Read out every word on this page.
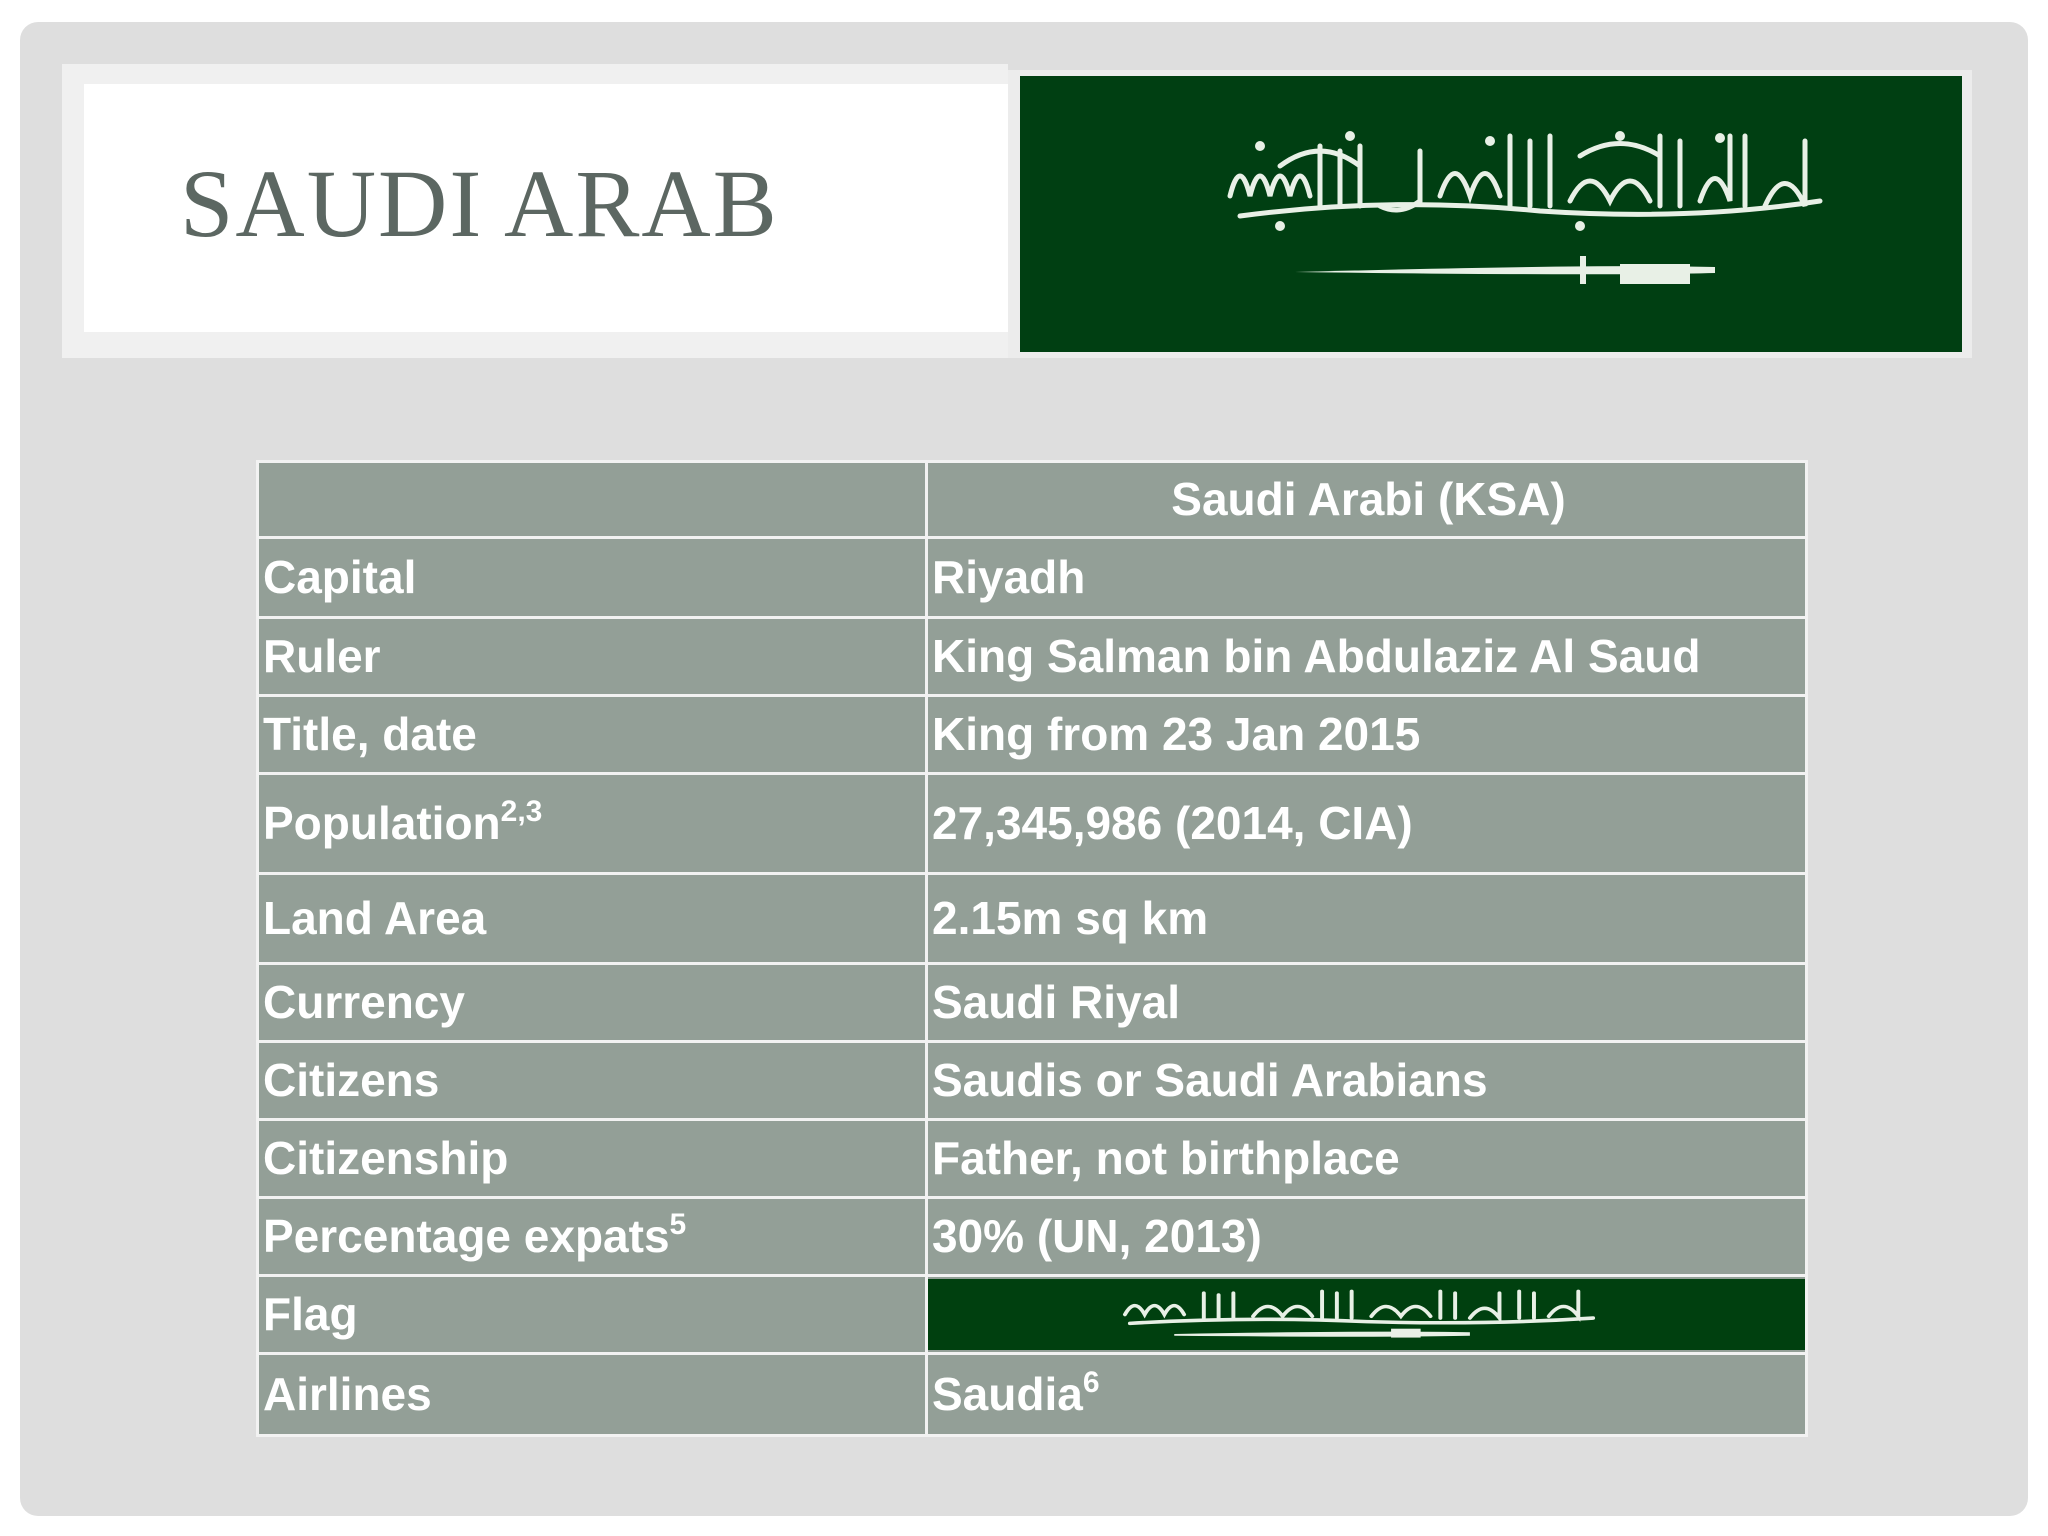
SAUDI ARAB
	Saudi Arabi (KSA)
Capital	Riyadh
Ruler	King Salman bin Abdulaziz Al Saud
Title, date	King from 23 Jan 2015
Population$^{2,3}$	27,345,986 (2014, CIA)
Land Area	2.15m sq km
Currency	Saudi Riyal
Citizens	Saudis or Saudi Arabians
Citizenship	Father, not birthplace
Percentage expats$^5$	30% (UN, 2013)
Flag	

Airlines	Saudia$^6$
